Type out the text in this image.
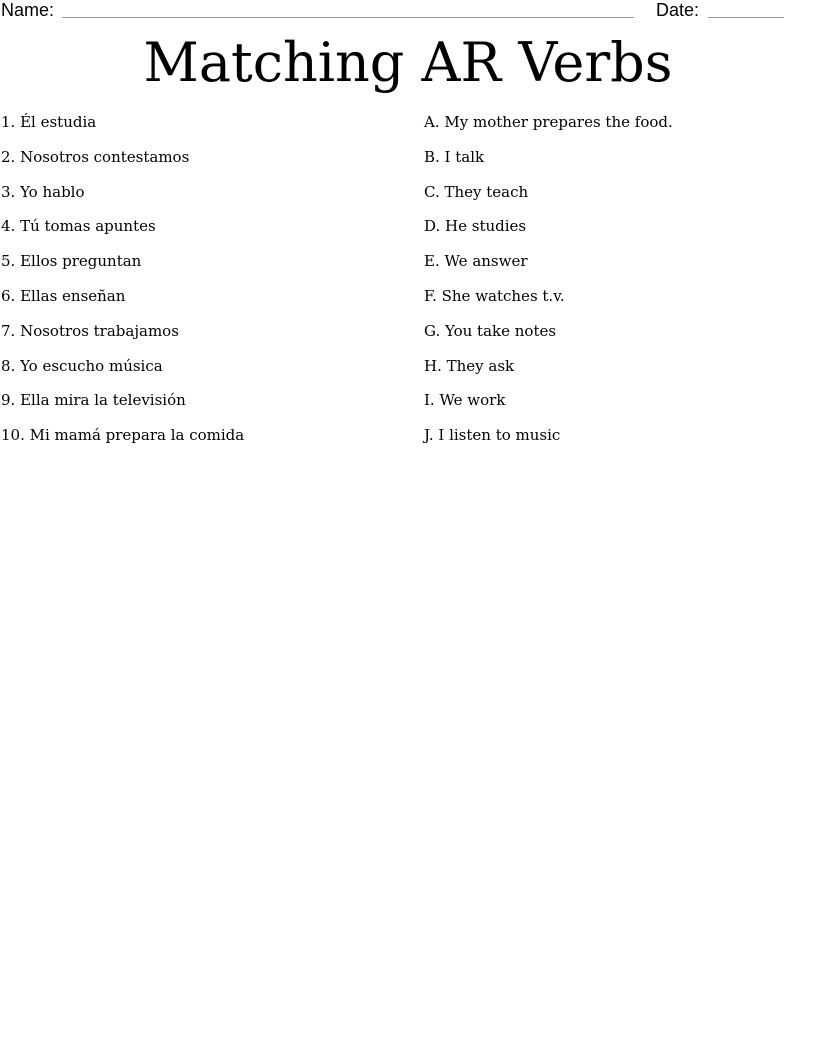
Name:	Date:
Matching AR Verbs
1. Él estudia
2. Nosotros contestamos
3. Yo hablo
4. Tú tomas apuntes
5. Ellos preguntan
6. Ellas enseñan
7. Nosotros trabajamos
8. Yo escucho música
9. Ella mira la televisión
10. Mi mamá prepara la comida
A. My mother prepares the food.
B. I talk
C. They teach
D. He studies
E. We answer
F. She watches t.v.
G. You take notes
H. They ask
I. We work
J. I listen to music
